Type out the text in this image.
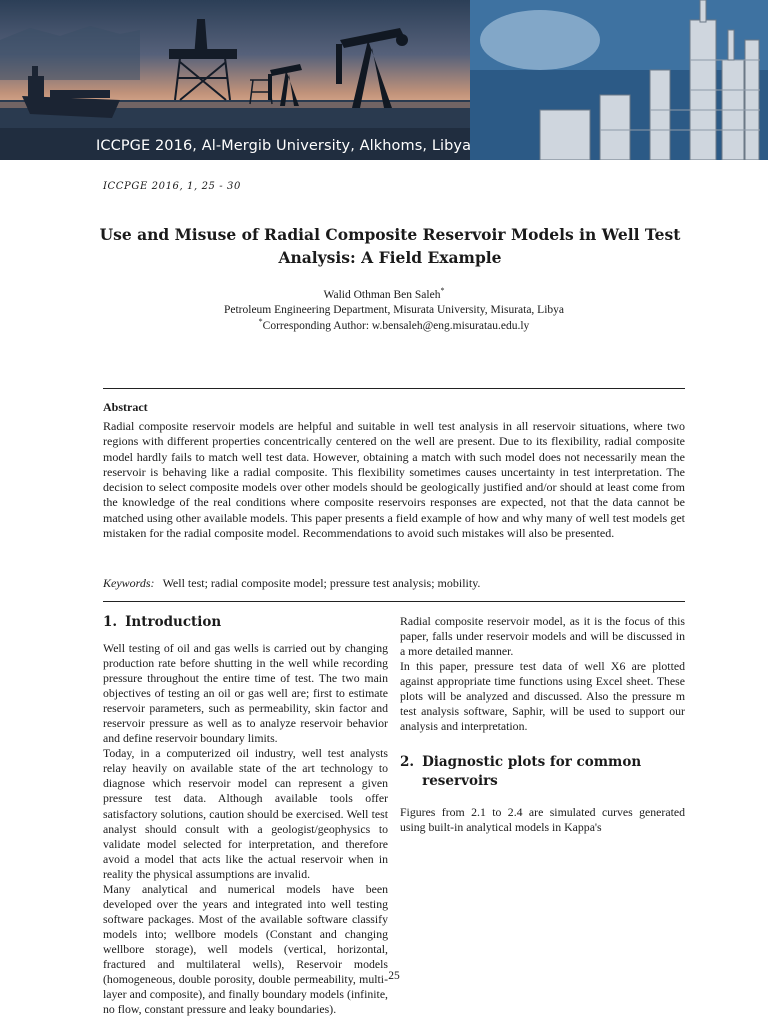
ICCPGE 2016, Al-Mergib University, Alkhoms, Libya
ICCPGE 2016, 1, 25 - 30
Use and Misuse of Radial Composite Reservoir Models in Well Test Analysis: A Field Example
Walid Othman Ben Saleh*
Petroleum Engineering Department, Misurata University, Misurata, Libya
*Corresponding Author: w.bensaleh@eng.misuratau.edu.ly
Abstract

Radial composite reservoir models are helpful and suitable in well test analysis in all reservoir situations, where two regions with different properties concentrically centered on the well are present. Due to its flexibility, radial composite model hardly fails to match well test data. However, obtaining a match with such model does not necessarily mean the reservoir is behaving like a radial composite. This flexibility sometimes causes uncertainty in test interpretation. The decision to select composite models over other models should be geologically justified and/or should at least come from the knowledge of the real conditions where composite reservoirs responses are expected, not that the data cannot be matched using other available models. This paper presents a field example of how and why many of well test models get mistaken for the radial composite model. Recommendations to avoid such mistakes will also be presented.

Keywords: Well test; radial composite model; pressure test analysis; mobility.
1. Introduction

Well testing of oil and gas wells is carried out by changing production rate before shutting in the well while recording pressure throughout the entire time of test. The two main objectives of testing an oil or gas well are; first to estimate reservoir parameters, such as permeability, skin factor and reservoir pressure as well as to analyze reservoir behavior and define reservoir boundary limits.

Today, in a computerized oil industry, well test analysts relay heavily on available state of the art technology to diagnose which reservoir model can represent a given pressure test data. Although available tools offer satisfactory solutions, caution should be exercised. Well test analyst should consult with a geologist/geophysics to validate model selected for interpretation, and therefore avoid a model that acts like the actual reservoir when in reality the physical assumptions are invalid.

Many analytical and numerical models have been developed over the years and integrated into well testing software packages. Most of the available software classify models into; wellbore models (Constant and changing wellbore storage), well models (vertical, horizontal, fractured and multilateral wells), Reservoir models (homogeneous, double porosity, double permeability, multi-layer and composite), and finally boundary models (infinite, no flow, constant pressure and leaky boundaries).

Radial composite reservoir model, as it is the focus of this paper, falls under reservoir models and will be discussed in a more detailed manner.

In this paper, pressure test data of well X6 are plotted against appropriate time functions using Excel sheet. These plots will be analyzed and discussed. Also the pressure m test analysis software, Saphir, will be used to support our analysis and interpretation.

2. Diagnostic plots for common reservoirs

Figures from 2.1 to 2.4 are simulated curves generated using built-in analytical models in Kappa's

25
